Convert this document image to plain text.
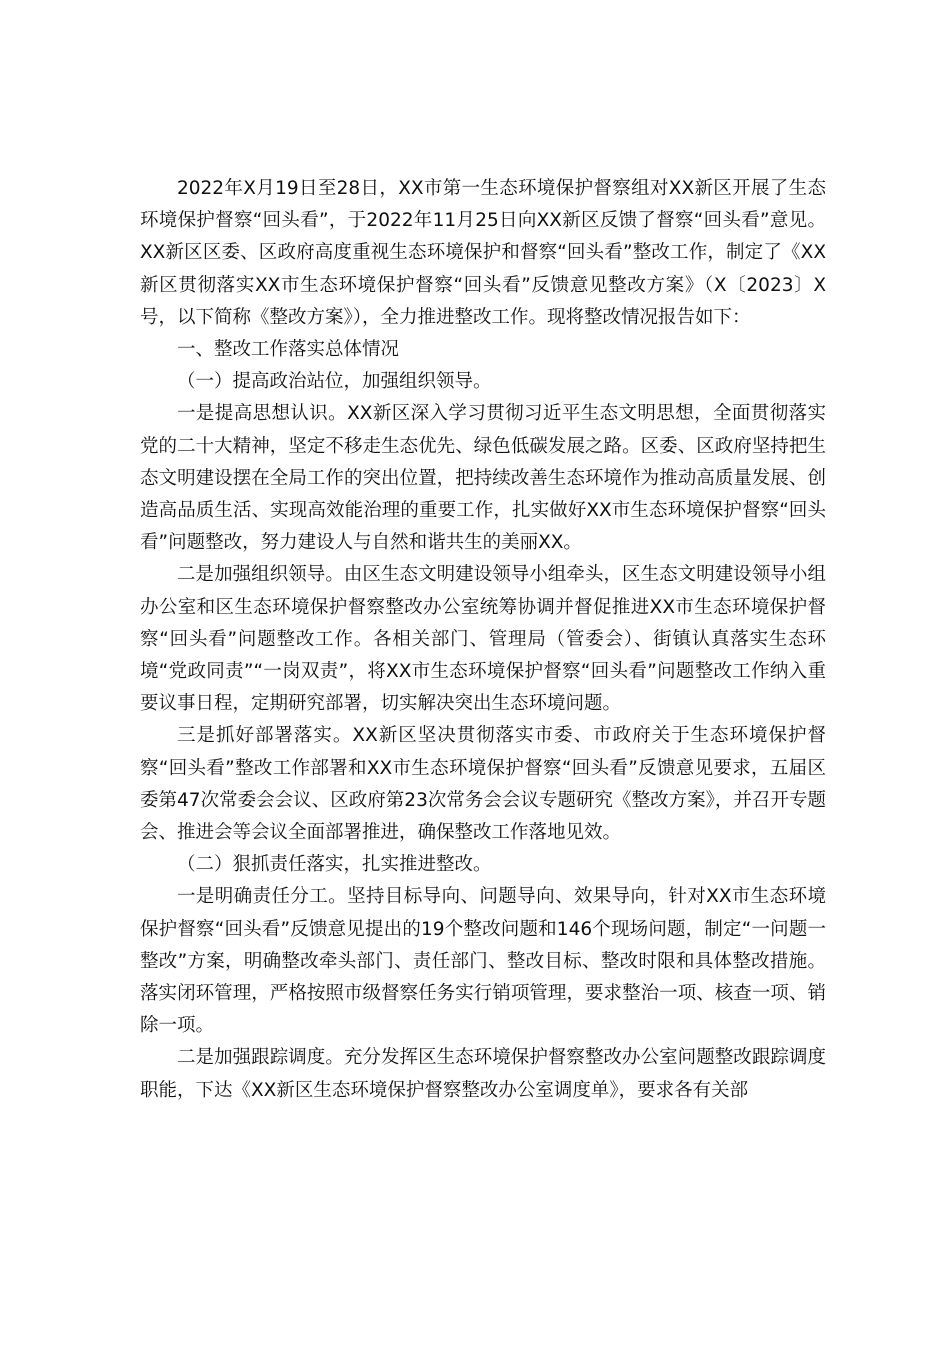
2022年X月19日至28日，XX市第一生态环境保护督察组对XX新区开展了生态环境保护督察“回头看”，于2022年11月25日向XX新区反馈了督察“回头看”意见。XX新区区委、区政府高度重视生态环境保护和督察“回头看”整改工作，制定了《XX新区贯彻落实XX市生态环境保护督察“回头看”反馈意见整改方案》（X〔2023〕X号，以下简称《整改方案》），全力推进整改工作。现将整改情况报告如下：

一、整改工作落实总体情况

（一）提高政治站位，加强组织领导。

一是提高思想认识。XX新区深入学习贯彻习近平生态文明思想，全面贯彻落实党的二十大精神，坚定不移走生态优先、绿色低碳发展之路。区委、区政府坚持把生态文明建设摆在全局工作的突出位置，把持续改善生态环境作为推动高质量发展、创造高品质生活、实现高效能治理的重要工作，扎实做好XX市生态环境保护督察“回头看”问题整改，努力建设人与自然和谐共生的美丽XX。

二是加强组织领导。由区生态文明建设领导小组牵头，区生态文明建设领导小组办公室和区生态环境保护督察整改办公室统筹协调并督促推进XX市生态环境保护督察“回头看”问题整改工作。各相关部门、管理局（管委会）、街镇认真落实生态环境“党政同责”“一岗双责”，将XX市生态环境保护督察“回头看”问题整改工作纳入重要议事日程，定期研究部署，切实解决突出生态环境问题。

三是抓好部署落实。XX新区坚决贯彻落实市委、市政府关于生态环境保护督察“回头看”整改工作部署和XX市生态环境保护督察“回头看”反馈意见要求，五届区委第47次常委会会议、区政府第23次常务会会议专题研究《整改方案》，并召开专题会、推进会等会议全面部署推进，确保整改工作落地见效。

（二）狠抓责任落实，扎实推进整改。

一是明确责任分工。坚持目标导向、问题导向、效果导向，针对XX市生态环境保护督察“回头看”反馈意见提出的19个整改问题和146个现场问题，制定“一问题一整改”方案，明确整改牵头部门、责任部门、整改目标、整改时限和具体整改措施。落实闭环管理，严格按照市级督察任务实行销项管理，要求整治一项、核查一项、销除一项。

二是加强跟踪调度。充分发挥区生态环境保护督察整改办公室问题整改跟踪调度职能，下达《XX新区生态环境保护督察整改办公室调度单》，要求各有关部
